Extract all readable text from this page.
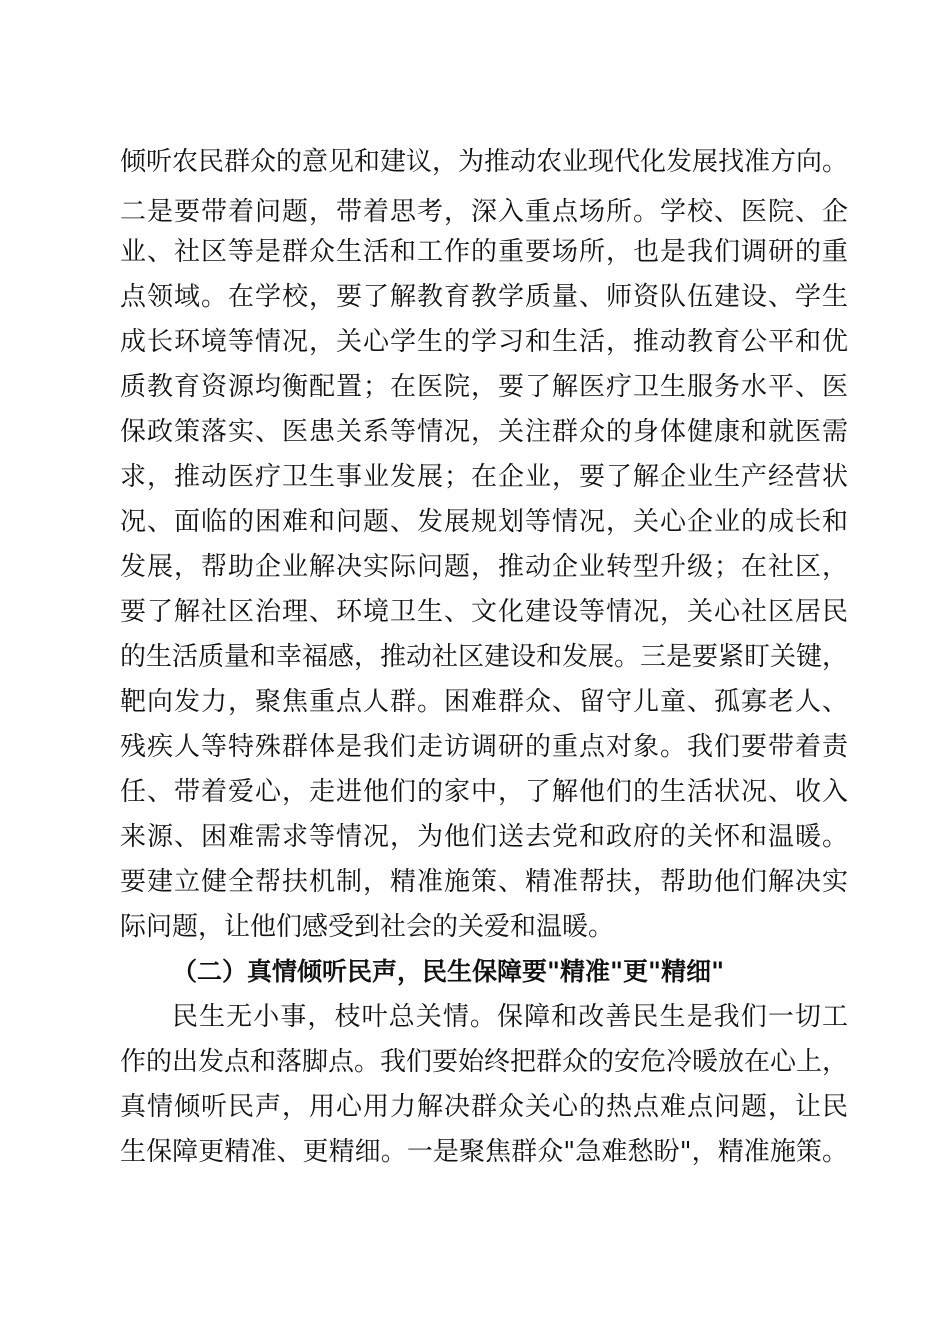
倾听农民群众的意见和建议，为推动农业现代化发展找准方向。
二是要带着问题，带着思考，深入重点场所。学校、医院、企
业、社区等是群众生活和工作的重要场所，也是我们调研的重
点领域。在学校，要了解教育教学质量、师资队伍建设、学生
成长环境等情况，关心学生的学习和生活，推动教育公平和优
质教育资源均衡配置；在医院，要了解医疗卫生服务水平、医
保政策落实、医患关系等情况，关注群众的身体健康和就医需
求，推动医疗卫生事业发展；在企业，要了解企业生产经营状
况、面临的困难和问题、发展规划等情况，关心企业的成长和
发展，帮助企业解决实际问题，推动企业转型升级；在社区，
要了解社区治理、环境卫生、文化建设等情况，关心社区居民
的生活质量和幸福感，推动社区建设和发展。三是要紧盯关键，
靶向发力，聚焦重点人群。困难群众、留守儿童、孤寡老人、
残疾人等特殊群体是我们走访调研的重点对象。我们要带着责
任、带着爱心，走进他们的家中，了解他们的生活状况、收入
来源、困难需求等情况，为他们送去党和政府的关怀和温暖。
要建立健全帮扶机制，精准施策、精准帮扶，帮助他们解决实
际问题，让他们感受到社会的关爱和温暖。
（二）真情倾听民声，民生保障要"精准"更"精细"
民生无小事，枝叶总关情。保障和改善民生是我们一切工
作的出发点和落脚点。我们要始终把群众的安危冷暖放在心上，
真情倾听民声，用心用力解决群众关心的热点难点问题，让民
生保障更精准、更精细。一是聚焦群众"急难愁盼"，精准施策。
